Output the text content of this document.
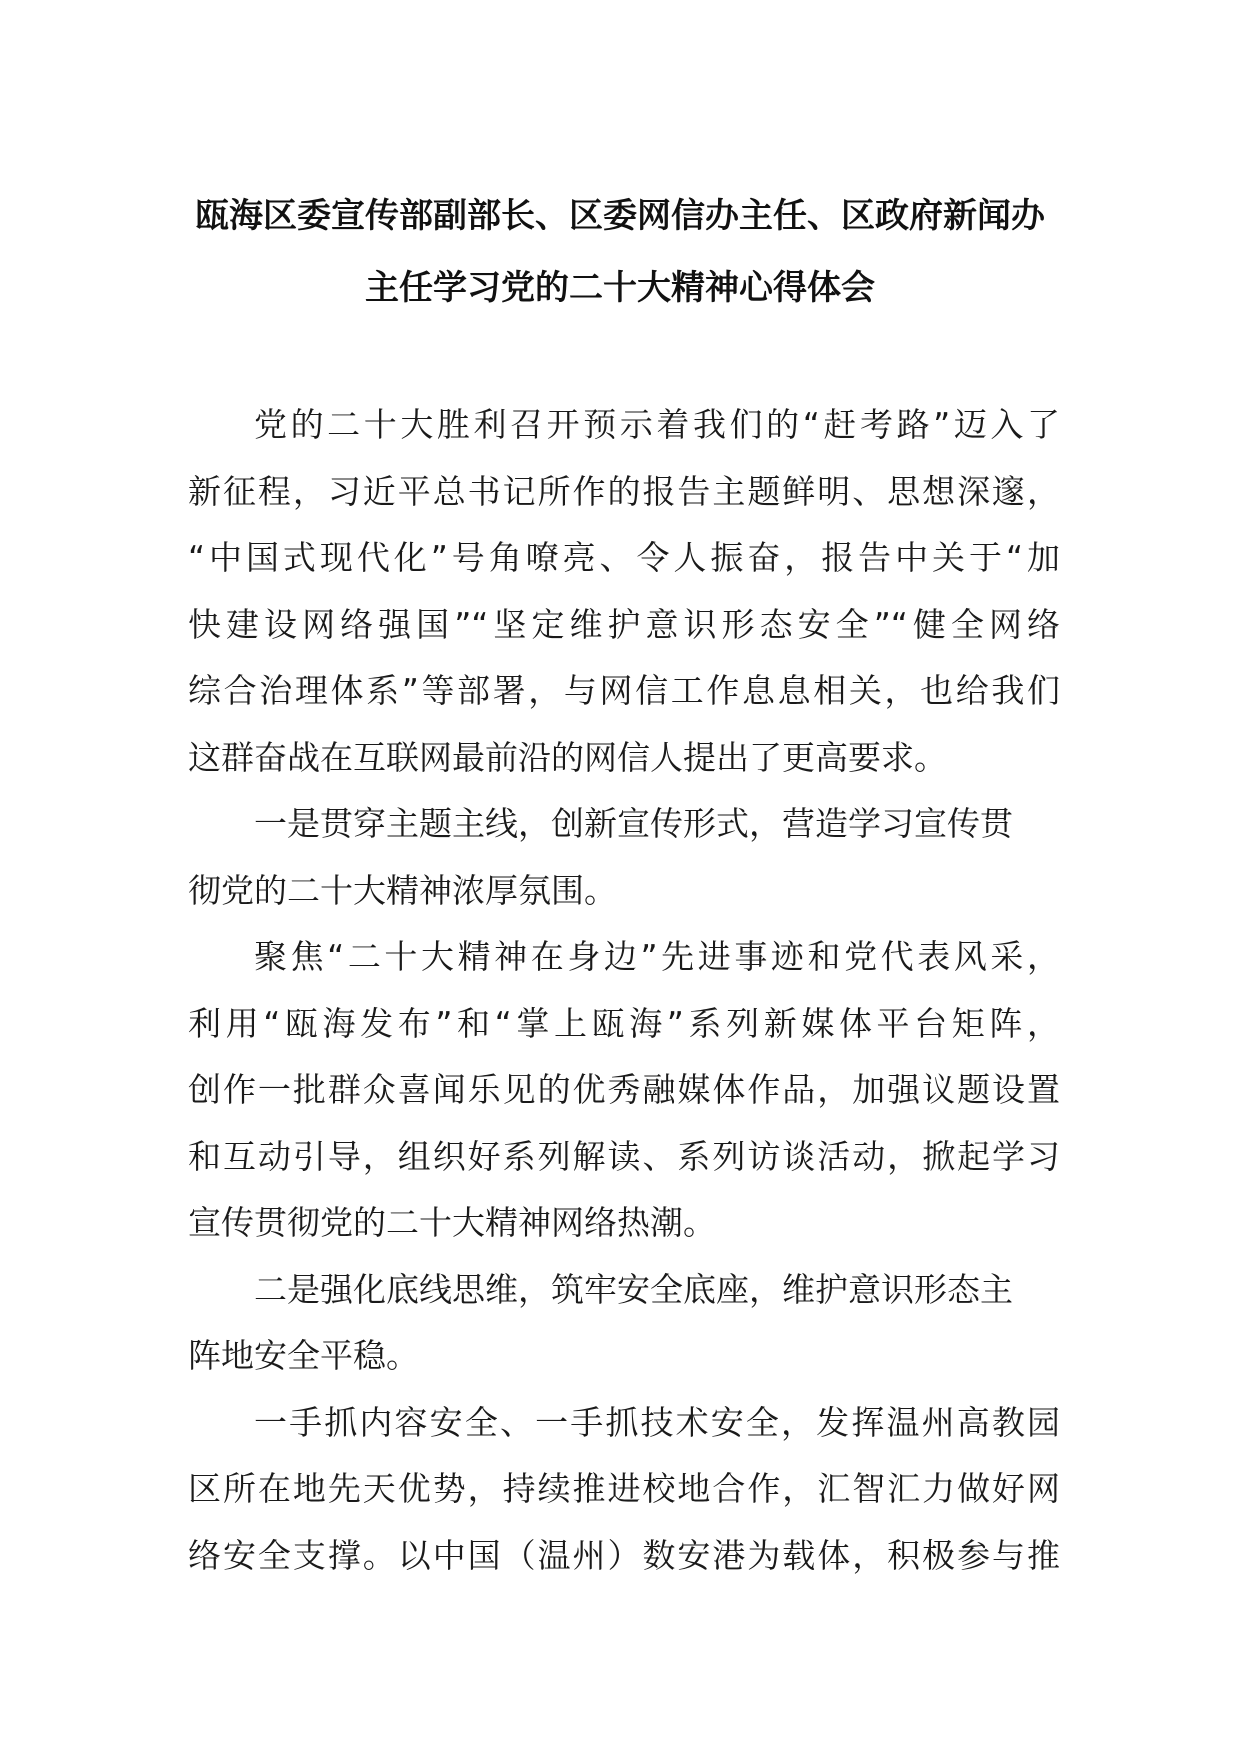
瓯海区委宣传部副部长、区委网信办主任、区政府新闻办
主任学习党的二十大精神心得体会

党的二十大胜利召开预示着我们的“赶考路”迈入了
新征程，习近平总书记所作的报告主题鲜明、思想深邃，
“中国式现代化”号角嘹亮、令人振奋，报告中关于“加
快建设网络强国”“坚定维护意识形态安全”“健全网络
综合治理体系”等部署，与网信工作息息相关，也给我们
这群奋战在互联网最前沿的网信人提出了更高要求。

一是贯穿主题主线，创新宣传形式，营造学习宣传贯
彻党的二十大精神浓厚氛围。

聚焦“二十大精神在身边”先进事迹和党代表风采，
利用“瓯海发布”和“掌上瓯海”系列新媒体平台矩阵，
创作一批群众喜闻乐见的优秀融媒体作品，加强议题设置
和互动引导，组织好系列解读、系列访谈活动，掀起学习
宣传贯彻党的二十大精神网络热潮。

二是强化底线思维，筑牢安全底座，维护意识形态主
阵地安全平稳。

一手抓内容安全、一手抓技术安全，发挥温州高教园
区所在地先天优势，持续推进校地合作，汇智汇力做好网
络安全支撑。以中国（温州）数安港为载体，积极参与推
